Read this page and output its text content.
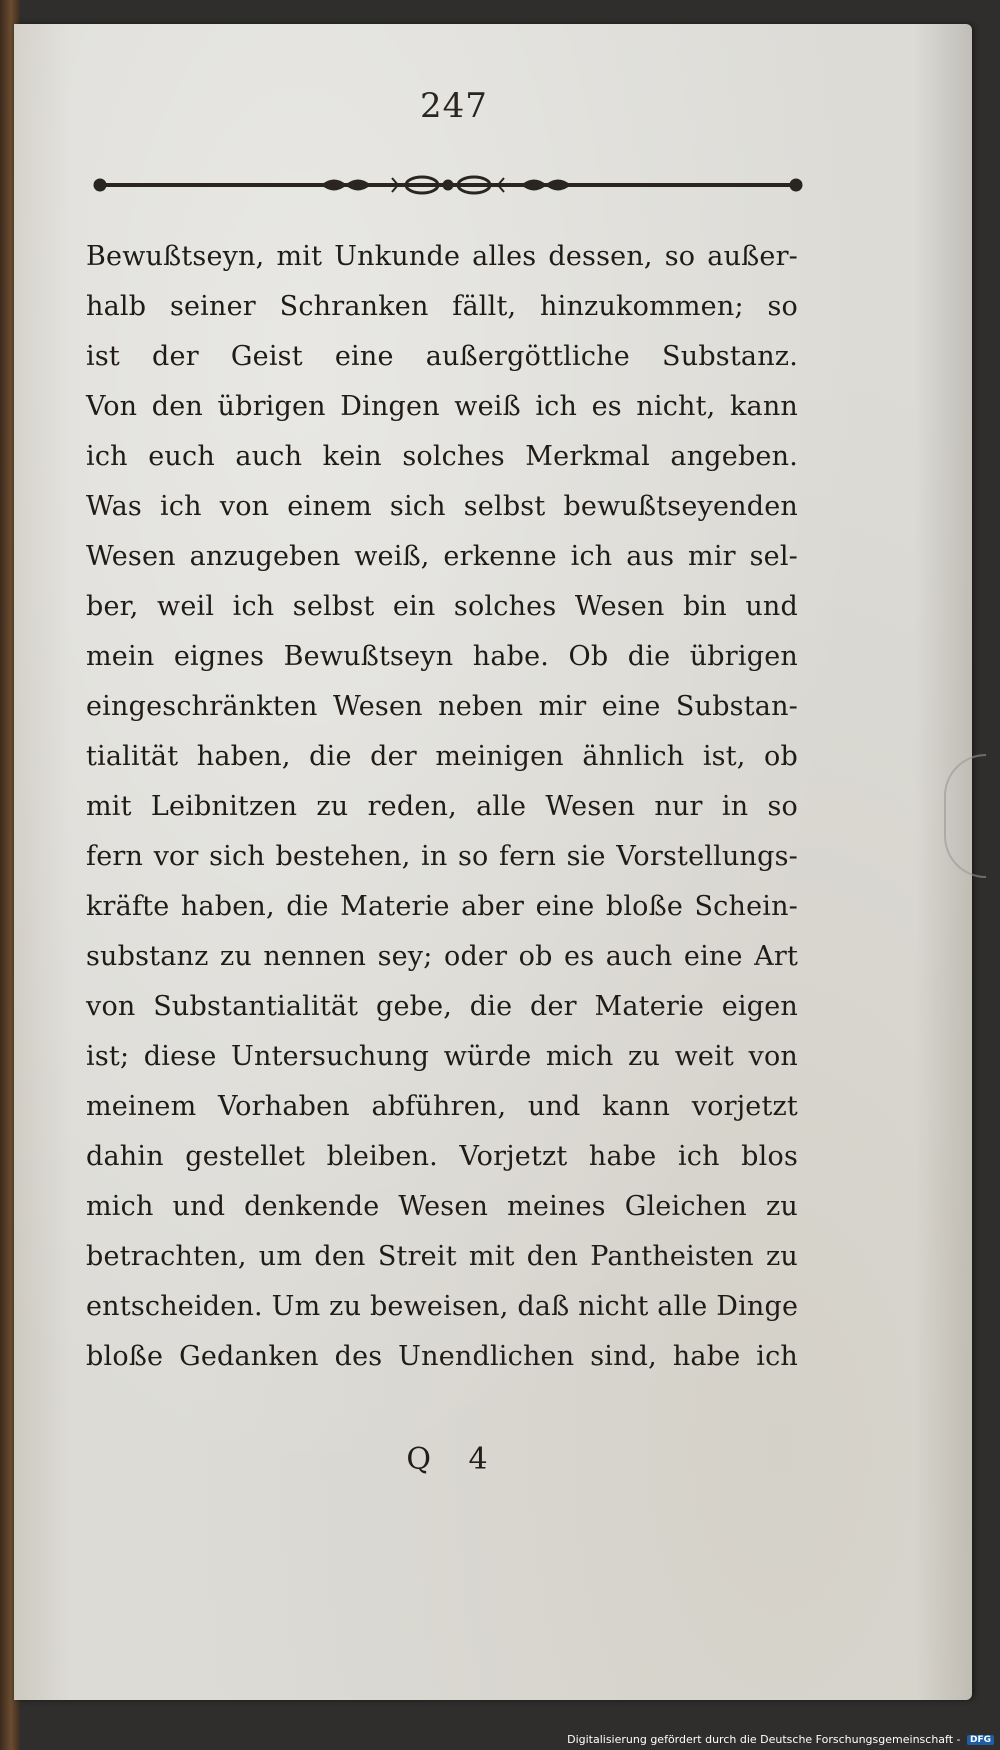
247
Bewußtseyn, mit Unkunde alles dessen, so außer-
halb seiner Schranken fällt, hinzukommen; so
ist der Geist eine außergöttliche Substanz.
Von den übrigen Dingen weiß ich es nicht, kann
ich euch auch kein solches Merkmal angeben.
Was ich von einem sich selbst bewußtseyenden
Wesen anzugeben weiß, erkenne ich aus mir sel-
ber, weil ich selbst ein solches Wesen bin und
mein eignes Bewußtseyn habe. Ob die übrigen
eingeschränkten Wesen neben mir eine Substan-
tialität haben, die der meinigen ähnlich ist, ob
mit Leibnitzen zu reden, alle Wesen nur in so
fern vor sich bestehen, in so fern sie Vorstellungs-
kräfte haben, die Materie aber eine bloße Schein-
substanz zu nennen sey; oder ob es auch eine Art
von Substantialität gebe, die der Materie eigen
ist; diese Untersuchung würde mich zu weit von
meinem Vorhaben abführen, und kann vorjetzt
dahin gestellet bleiben. Vorjetzt habe ich blos
mich und denkende Wesen meines Gleichen zu
betrachten, um den Streit mit den Pantheisten zu
entscheiden. Um zu beweisen, daß nicht alle Dinge
bloße Gedanken des Unendlichen sind, habe ich
Q 4
Digitalisierung gefördert durch die Deutsche Forschungsgemeinschaft - DFG
